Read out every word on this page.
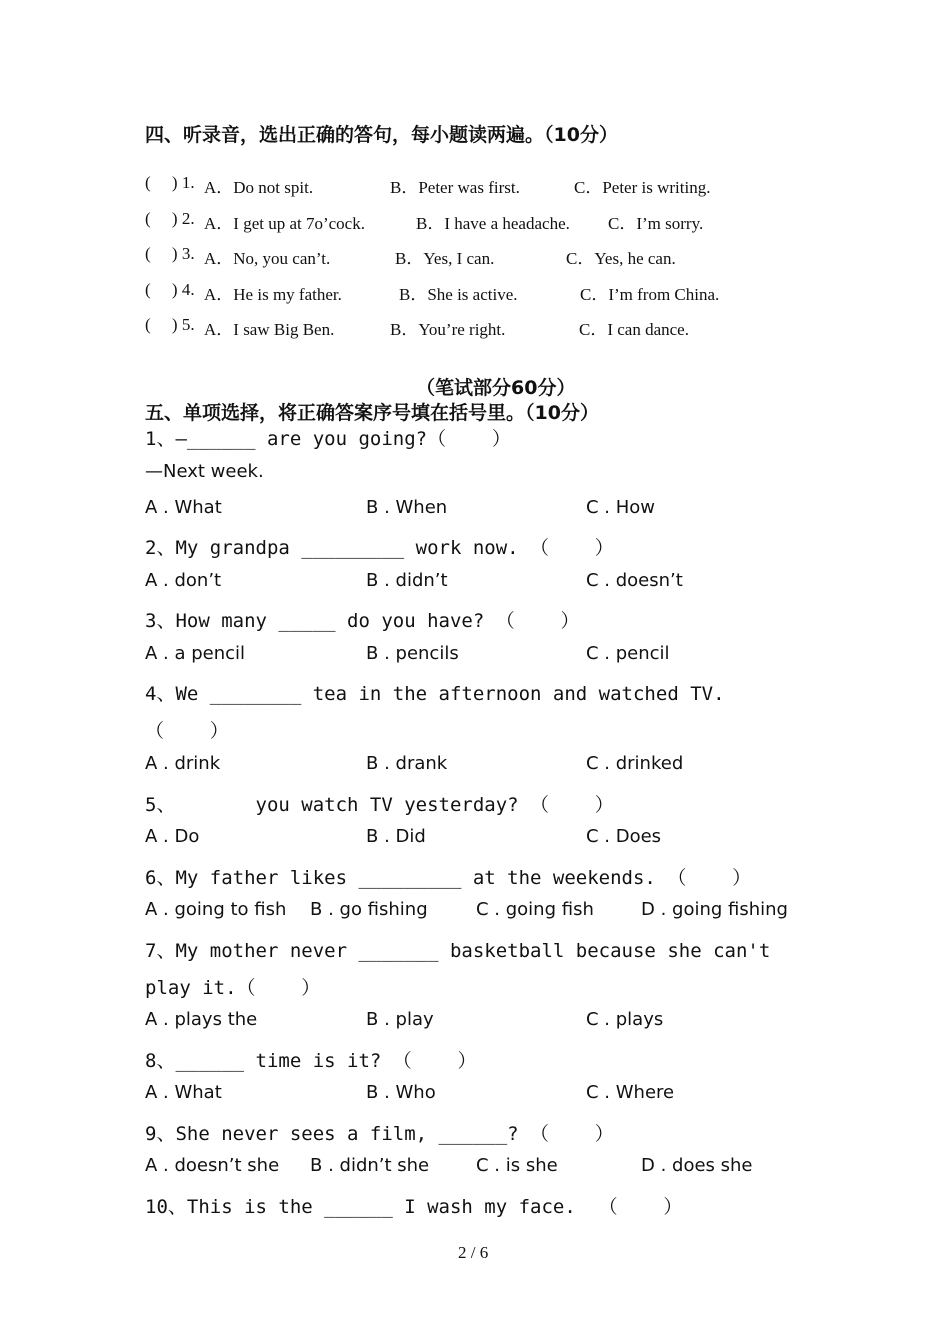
四、听录音，选出正确的答句，每小题读两遍。（10分）
(     ) 1. A．Do not spit.	B．Peter was first.	C．Peter is writing.
(     ) 2. A．I get up at 7o’cock.	B．I have a headache. C．I’m sorry.
(     ) 3. A．No, you can’t.	B．Yes, I can.	C．Yes, he can.
(     ) 4. A．He is my father.	B．She is active.	C．I’m from China.
(     ) 5. A．I saw Big Ben.	B．You’re right.	C．I can dance.
（笔试部分60分）
五、单项选择，将正确答案序号填在括号里。（10分）
1、—______ are you going?（    ）
—Next week.
A . What	B . When	C . How
2、My grandpa _________ work now. （    ）
A . don’t	B . didn’t	C . doesn’t
3、How many _____ do you have? （    ）
A . a pencil	B . pencils	C . pencil
4、We ________ tea in the afternoon and watched TV.
（    ）
A . drink	B . drank	C . drinked
5、       you watch TV yesterday? （    ）
A . Do	B . Did	C . Does
6、My father likes _________ at the weekends. （    ）
A . going to fish B . go fishing	C . going fish	D . going fishing
7、My mother never _______ basketball because she can't
play it.（    ）
A . plays the	B . play	C . plays
8、______ time is it? （    ）
A . What	B . Who	C . Where
9、She never sees a film, ______? （    ）
A . doesn’t she B . didn’t she	C . is she	D . does she
10、This is the ______ I wash my face.  （    ）
2 / 6
